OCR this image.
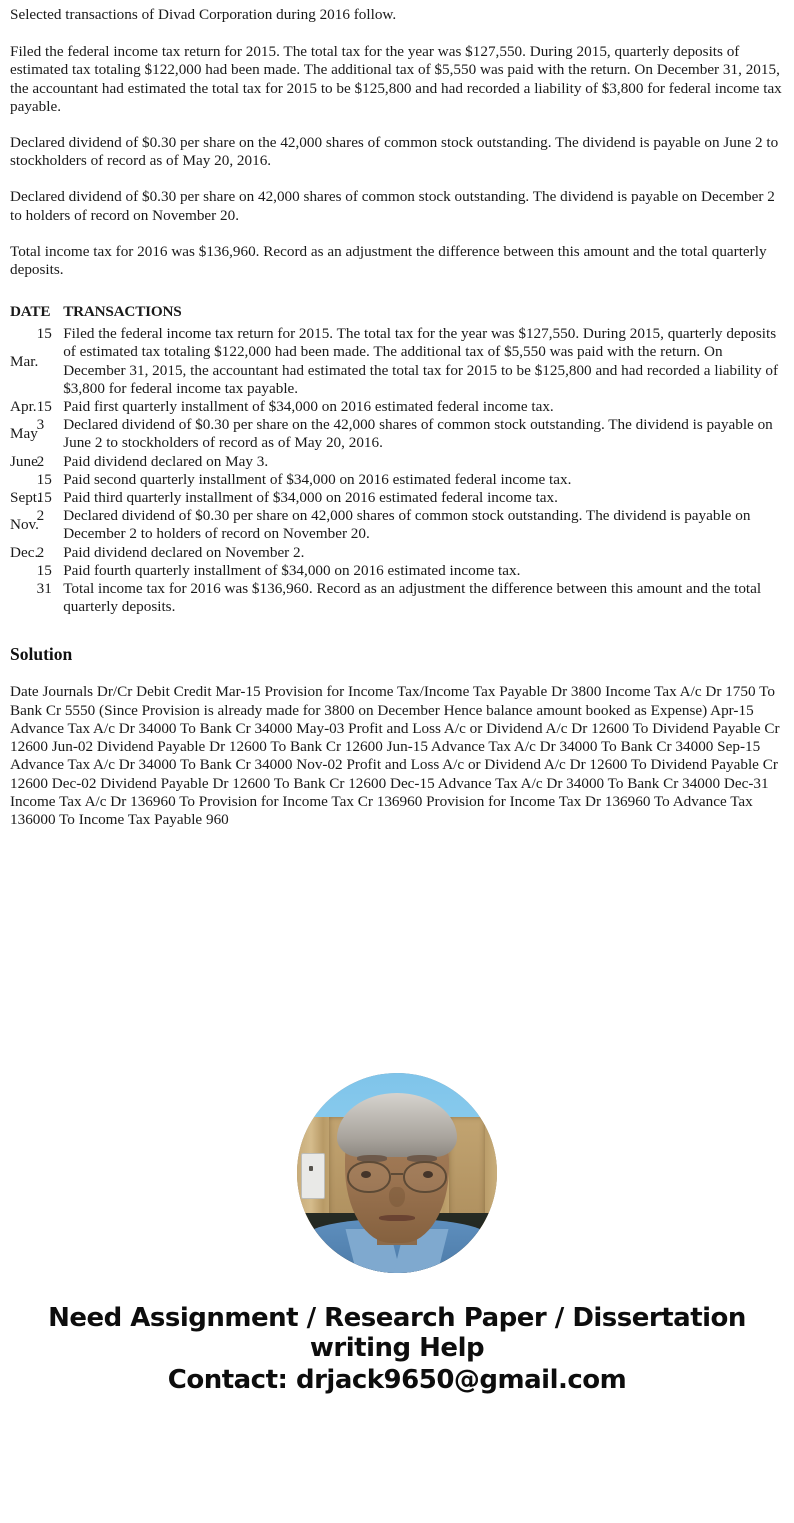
Selected transactions of Divad Corporation during 2016 follow.

Filed the federal income tax return for 2015. The total tax for the year was $127,550. During 2015, quarterly deposits of estimated tax totaling $122,000 had been made. The additional tax of $5,550 was paid with the return. On December 31, 2015, the accountant had estimated the total tax for 2015 to be $125,800 and had recorded a liability of $3,800 for federal income tax payable.

Declared dividend of $0.30 per share on the 42,000 shares of common stock outstanding. The dividend is payable on June 2 to stockholders of record as of May 20, 2016.

Declared dividend of $0.30 per share on 42,000 shares of common stock outstanding. The dividend is payable on December 2 to holders of record on November 20.

Total income tax for 2016 was $136,960. Record as an adjustment the difference between this amount and the total quarterly deposits.

DATE		TRANSACTIONS
Mar.	15	Filed the federal income tax return for 2015. The total tax for the year was $127,550. During 2015, quarterly deposits of estimated tax totaling $122,000 had been made. The additional tax of $5,550 was paid with the return. On December 31, 2015, the accountant had estimated the total tax for 2015 to be $125,800 and had recorded a liability of $3,800 for federal income tax payable.
Apr.	15	Paid first quarterly installment of $34,000 on 2016 estimated federal income tax.
May	3	Declared dividend of $0.30 per share on the 42,000 shares of common stock outstanding. The dividend is payable on June 2 to stockholders of record as of May 20, 2016.
June	2	Paid dividend declared on May 3.
	15	Paid second quarterly installment of $34,000 on 2016 estimated federal income tax.
Sept.	15	Paid third quarterly installment of $34,000 on 2016 estimated federal income tax.
Nov.	2	Declared dividend of $0.30 per share on 42,000 shares of common stock outstanding. The dividend is payable on December 2 to holders of record on November 20.
Dec.	2	Paid dividend declared on November 2.
	15	Paid fourth quarterly installment of $34,000 on 2016 estimated income tax.
	31	Total income tax for 2016 was $136,960. Record as an adjustment the difference between this amount and the total quarterly deposits.
Solution
Date Journals Dr/Cr Debit Credit Mar-15 Provision for Income Tax/Income Tax Payable Dr 3800 Income Tax A/c Dr 1750 To Bank Cr 5550 (Since Provision is already made for 3800 on December Hence balance amount booked as Expense) Apr-15 Advance Tax A/c Dr 34000 To Bank Cr 34000 May-03 Profit and Loss A/c or Dividend A/c Dr 12600 To Dividend Payable Cr 12600 Jun-02 Dividend Payable Dr 12600 To Bank Cr 12600 Jun-15 Advance Tax A/c Dr 34000 To Bank Cr 34000 Sep-15 Advance Tax A/c Dr 34000 To Bank Cr 34000 Nov-02 Profit and Loss A/c or Dividend A/c Dr 12600 To Dividend Payable Cr 12600 Dec-02 Dividend Payable Dr 12600 To Bank Cr 12600 Dec-15 Advance Tax A/c Dr 34000 To Bank Cr 34000 Dec-31 Income Tax A/c Dr 136960 To Provision for Income Tax Cr 136960 Provision for Income Tax Dr 136960 To Advance Tax 136000 To Income Tax Payable 960
Need Assignment / Research Paper / Dissertation
writing Help
Contact: drjack9650@gmail.com
